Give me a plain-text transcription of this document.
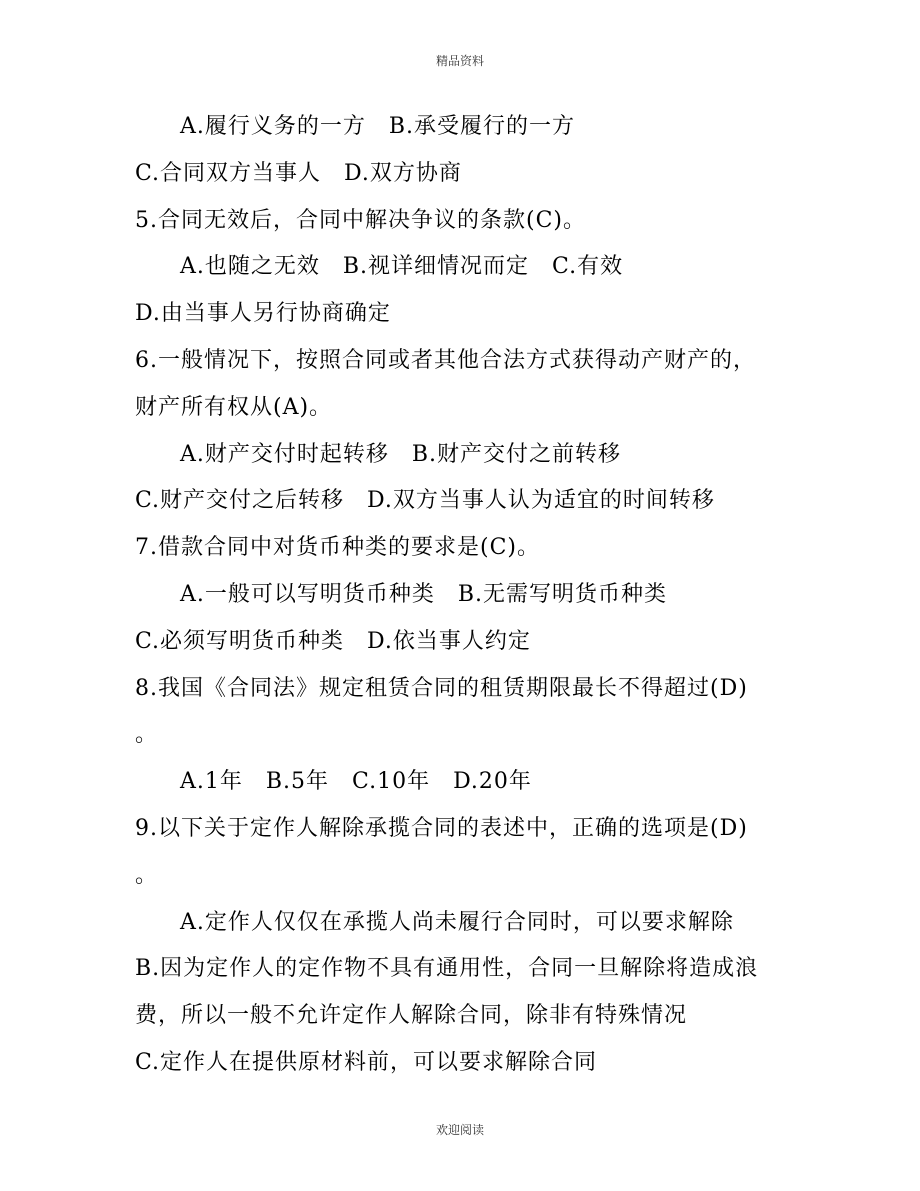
精品资料
A.履行义务的一方　B.承受履行的一方
C.合同双方当事人　D.双方协商
5.合同无效后，合同中解决争议的条款(C)。
A.也随之无效　B.视详细情况而定　C.有效
D.由当事人另行协商确定
6.一般情况下，按照合同或者其他合法方式获得动产财产的，
财产所有权从(A)。
A.财产交付时起转移　B.财产交付之前转移
C.财产交付之后转移　D.双方当事人认为适宜的时间转移
7.借款合同中对货币种类的要求是(C)。
A.一般可以写明货币种类　B.无需写明货币种类
C.必须写明货币种类　D.依当事人约定
8.我国《合同法》规定租赁合同的租赁期限最长不得超过(D)
。
A.1年　B.5年　C.10年　D.20年
9.以下关于定作人解除承揽合同的表述中，正确的选项是(D)
。
A.定作人仅仅在承揽人尚未履行合同时，可以要求解除
B.因为定作人的定作物不具有通用性，合同一旦解除将造成浪
费，所以一般不允许定作人解除合同，除非有特殊情况
C.定作人在提供原材料前，可以要求解除合同
欢迎阅读
